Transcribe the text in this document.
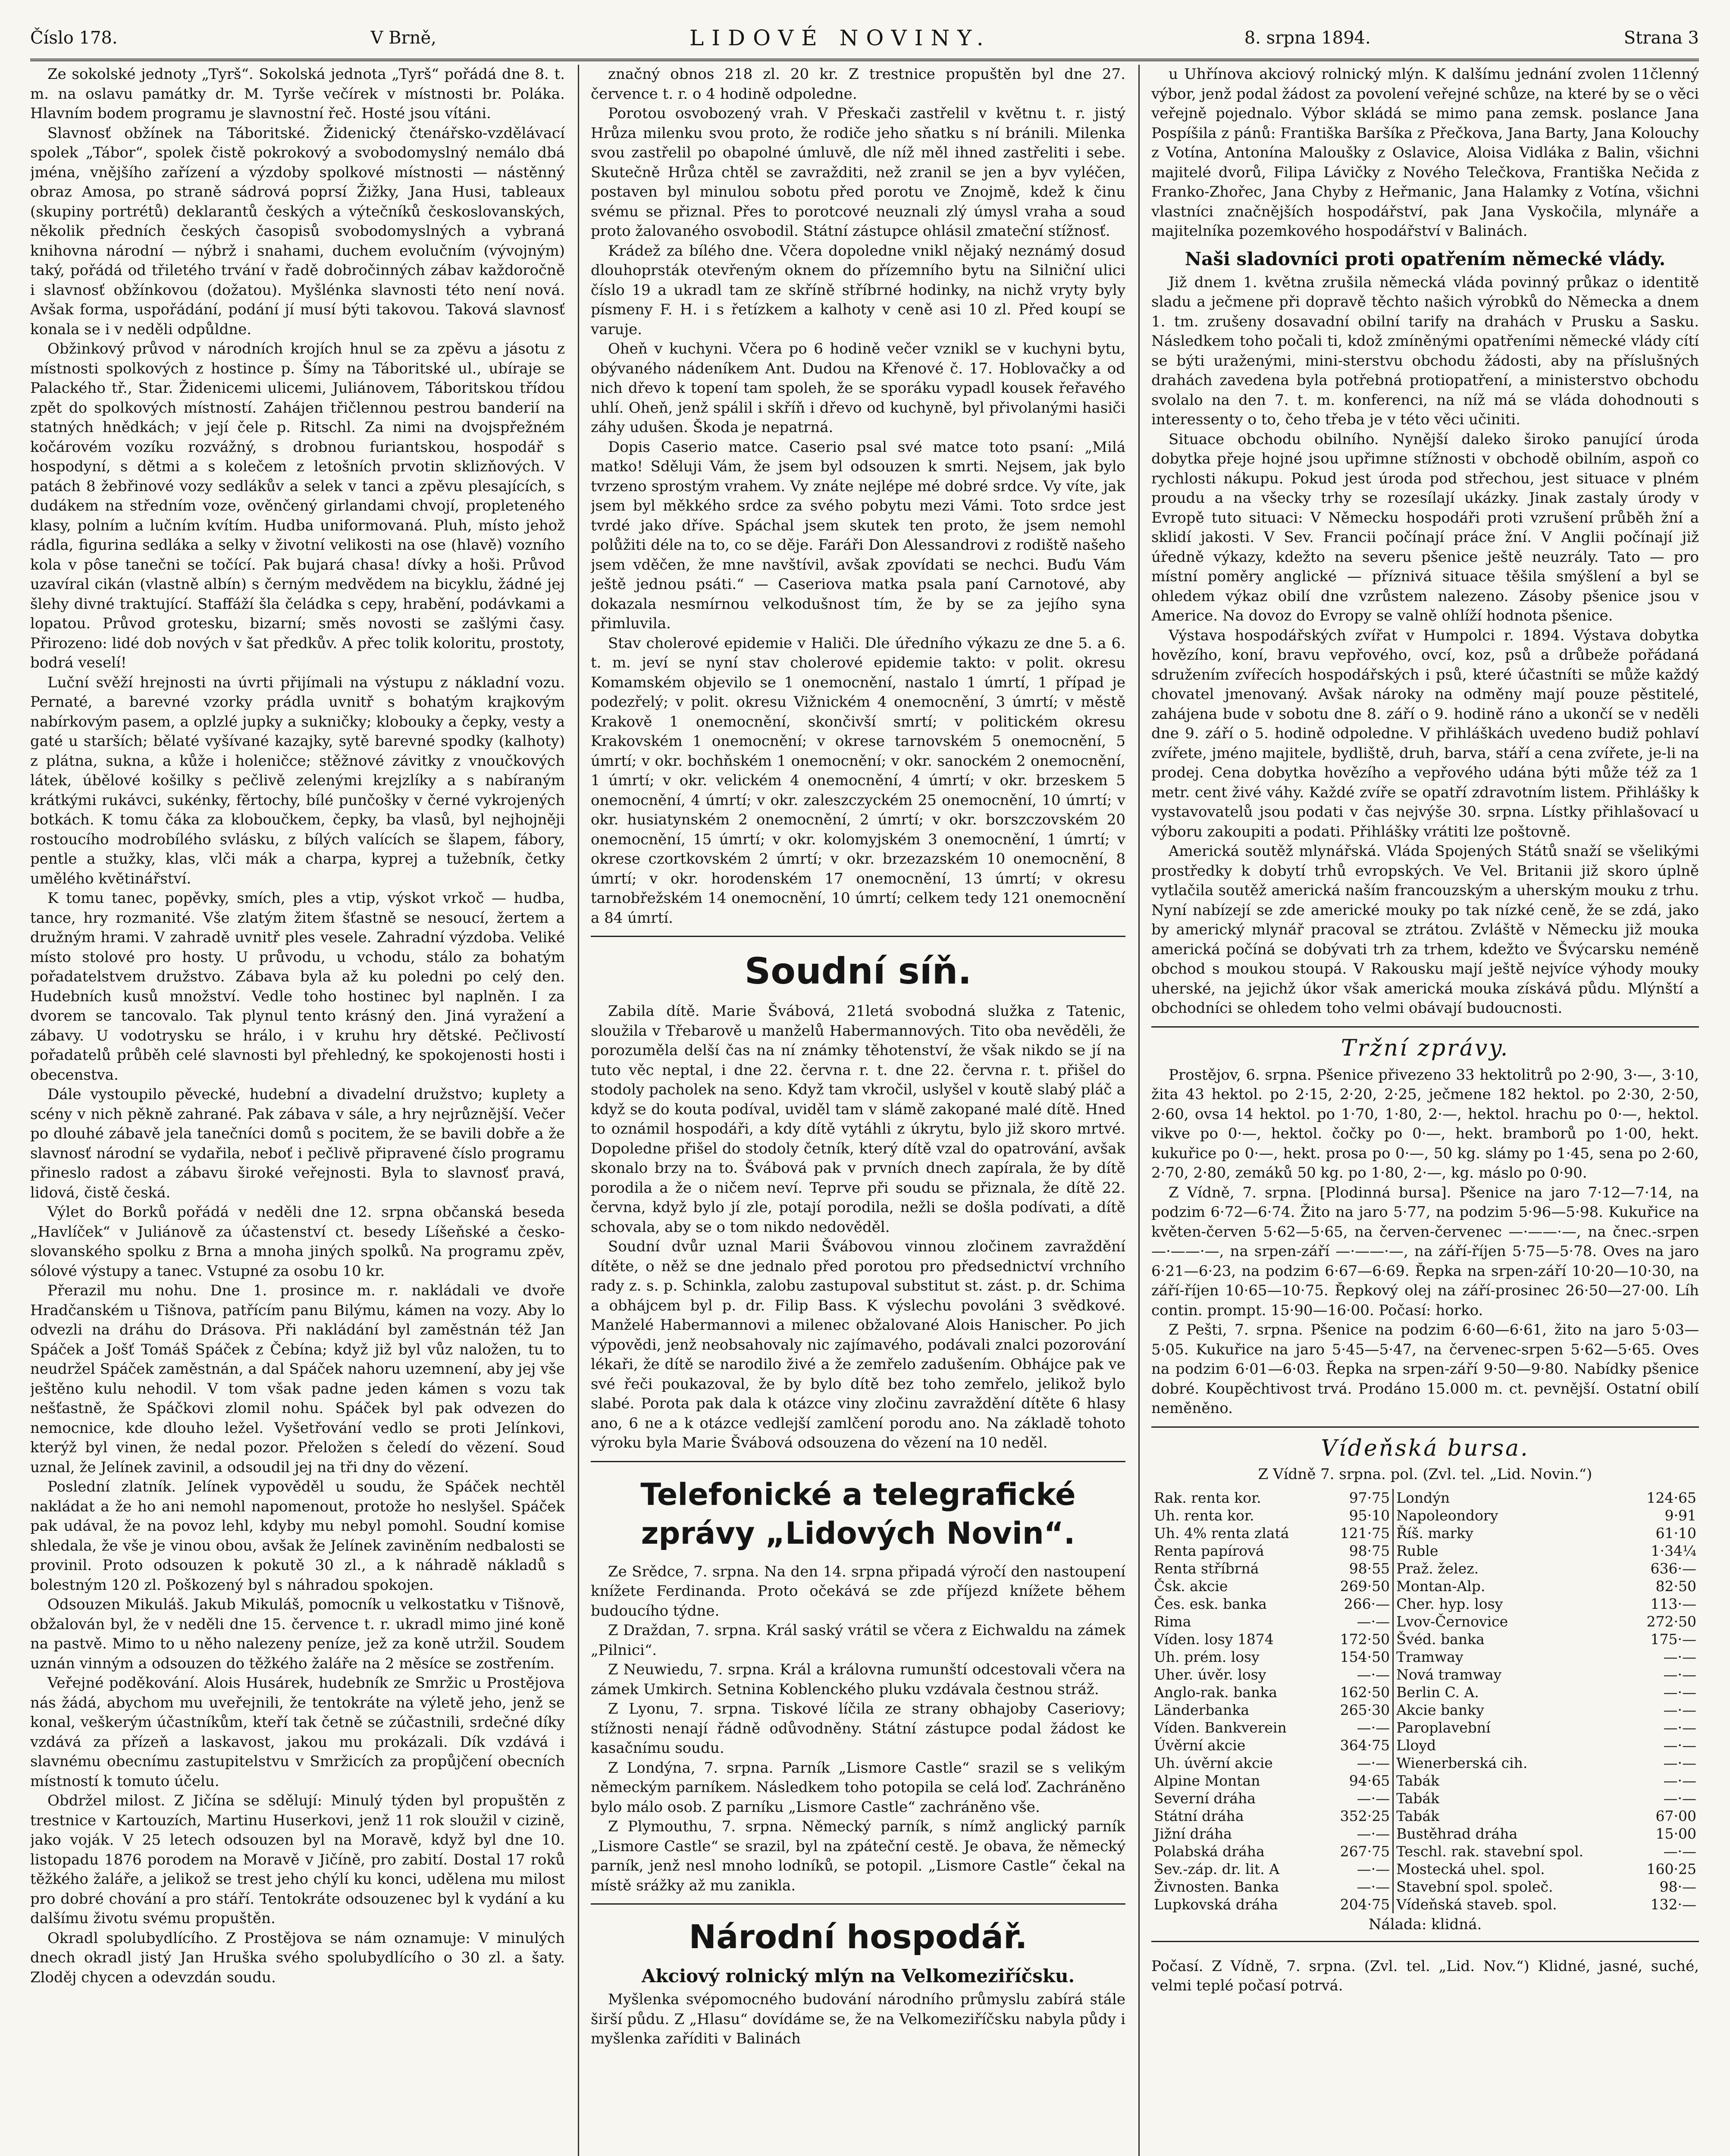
Číslo 178.	V Brně,	LIDOVÉ NOVINY.	8. srpna 1894.	Strana 3

Ze sokolské jednoty „Tyrš“. Sokolská jednota „Tyrš“ pořádá dne 8. t. m. na oslavu památky dr. M. Tyrše večírek v místnosti br. Poláka. Hlavním bodem programu je slavnostní řeč. Hosté jsou vítáni.

Slavnosť obžínek na Táboritské. Židenický čtenářsko-vzdělávací spolek „Tábor“, spolek čistě pokrokový a svobodomyslný nemálo dbá jména, vnějšího zařízení a výzdoby spolkové místnosti — nástěnný obraz Amosa, po straně sádrová poprsí Žižky, Jana Husi, tableaux (skupiny portrétů) deklarantů českých a výtečníků českoslovanských, několik předních českých časopisů svobodomyslných a vybraná knihovna národní — nýbrž i snahami, duchem evolučním (vývojným) taký, pořádá od třiletého trvání v řadě dobročinných zábav každoročně i slavnosť obžínkovou (dožatou). Myšlénka slavnosti této není nová. Avšak forma, uspořádání, podání jí musí býti takovou. Taková slavnosť konala se i v neděli odpůldne.

Obžinkový průvod v národních krojích hnul se za zpěvu a jásotu z místnosti spolkových z hostince p. Šímy na Táboritské ul., ubíraje se Palackého tř., Star. Židenicemi ulicemi, Juliánovem, Táboritskou třídou zpět do spolkových místností. Zahájen třičlennou pestrou banderií na statných hnědkách; v její čele p. Ritschl. Za nimi na dvojspřežném kočárovém vozíku rozvážný, s drobnou furiantskou, hospodář s hospodyní, s dětmi a s kolečem z letošních prvotin sklizňových. V patách 8 žebřinové vozy sedlákův a selek v tanci a zpěvu plesajících, s dudákem na středním voze, ověnčený girlandami chvojí, propleteného klasy, polním a lučním kvítím. Hudba uniformovaná. Pluh, místo jehož rádla, figurina sedláka a selky v životní velikosti na ose (hlavě) vozního kola v pôse tanečni se točící. Pak bujará chasa! dívky a hoši. Průvod uzavíral cikán (vlastně albín) s černým medvědem na bicyklu, žádné jej šlehy divné traktující. Staffáží šla čeládka s cepy, hrabění, podávkami a lopatou. Průvod grotesku, bizarní; směs novosti se zašlými časy. Přirozeno: lidé dob nových v šat předkův. A přec tolik koloritu, prostoty, bodrá veselí!

Luční svěží hrejnosti na úvrti přijímali na výstupu z nákladní vozu. Pernaté, a barevné vzorky prádla uvnitř s bohatým krajkovým nabírkovým pasem, a oplzlé jupky a sukničky; klobouky a čepky, vesty a gaté u starších; bělaté vyšívané kazajky, sytě barevné spodky (kalhoty) z plátna, sukna, a kůže i holeničce; stěžnové závitky z vnoučkových látek, úbělové košilky s pečlivě zelenými krejzlíky a s nabíraným krátkými rukávci, sukénky, fěrtochy, bílé punčošky v černé vykrojených botkách. K tomu čáka za kloboučkem, čepky, ba vlasů, byl nejhojněji rostoucího modrobílého svlásku, z bílých valících se šlapem, fábory, pentle a stužky, klas, vlči mák a charpa, kyprej a tužebník, četky umělého květinářství.

K tomu tanec, popěvky, smích, ples a vtip, výskot vrkoč — hudba, tance, hry rozmanité. Vše zlatým žitem šťastně se nesoucí, žertem a družným hrami. V zahradě uvnitř ples vesele. Zahradní výzdoba. Veliké místo stolové pro hosty. U průvodu, u vchodu, stálo za bohatým pořadatelstvem družstvo. Zábava byla až ku poledni po celý den. Hudebních kusů množství. Vedle toho hostinec byl naplněn. I za dvorem se tancovalo. Tak plynul tento krásný den. Jiná vyražení a zábavy. U vodotrysku se hrálo, i v kruhu hry dětské. Pečlivostí pořadatelů průběh celé slavnosti byl přehledný, ke spokojenosti hosti i obecenstva.

Dále vystoupilo pěvecké, hudební a divadelní družstvo; kuplety a scény v nich pěkně zahrané. Pak zábava v sále, a hry nejrůznější. Večer po dlouhé zábavě jela tanečníci domů s pocitem, že se bavili dobře a že slavnosť národní se vydařila, neboť i pečlivě připravené číslo programu přineslo radost a zábavu široké veřejnosti. Byla to slavnosť pravá, lidová, čistě česká.

Výlet do Borků pořádá v neděli dne 12. srpna občanská beseda „Havlíček“ v Juliánově za účastenství ct. besedy Líšeňské a česko-slovanského spolku z Brna a mnoha jiných spolků. Na programu zpěv, sólové výstupy a tanec. Vstupné za osobu 10 kr.

Přerazil mu nohu. Dne 1. prosince m. r. nakládali ve dvoře Hradčanském u Tišnova, patřícím panu Bilýmu, kámen na vozy. Aby lo odvezli na dráhu do Drásova. Při nakládání byl zaměstnán též Jan Spáček a Jošť Tomáš Spáček z Čebína; když již byl vůz naložen, tu to neudržel Spáček zaměstnán, a dal Spáček nahoru uzemnení, aby jej vše ještěno kulu nehodil. V tom však padne jeden kámen s vozu tak nešťastně, že Spáčkovi zlomil nohu. Spáček byl pak odvezen do nemocnice, kde dlouho ležel. Vyšetřování vedlo se proti Jelínkovi, kterýž byl vinen, že nedal pozor. Přeložen s čeledí do vězení. Soud uznal, že Jelínek zavinil, a odsoudil jej na tři dny do vězení.

Poslední zlatník. Jelínek vypověděl u soudu, že Spáček nechtěl nakládat a že ho ani nemohl napomenout, protože ho neslyšel. Spáček pak udával, že na povoz lehl, kdyby mu nebyl pomohl. Soudní komise shledala, že vše je vinou obou, avšak že Jelínek zaviněním nedbalosti se provinil. Proto odsouzen k pokutě 30 zl., a k náhradě nákladů s bolestným 120 zl. Poškozený byl s náhradou spokojen.

Odsouzen Mikuláš. Jakub Mikuláš, pomocník u velkostatku v Tišnově, obžalován byl, že v neděli dne 15. července t. r. ukradl mimo jiné koně na pastvě. Mimo to u něho nalezeny peníze, jež za koně utržil. Soudem uznán vinným a odsouzen do těžkého žaláře na 2 měsíce se zostřením.

Veřejné poděkování. Alois Husárek, hudebník ze Smržic u Prostějova nás žádá, abychom mu uveřejnili, že tentokráte na výletě jeho, jenž se konal, veškerým účastníkům, kteří tak četně se zúčastnili, srdečné díky vzdává za přízeň a laskavost, jakou mu prokázali. Dík vzdává i slavnému obecnímu zastupitelstvu v Smržicích za propůjčení obecních místností k tomuto účelu.

Obdržel milost. Z Jičína se sdělují: Minulý týden byl propuštěn z trestnice v Kartouzích, Martinu Huserkovi, jenž 11 rok sloužil v cizině, jako voják. V 25 letech odsouzen byl na Moravě, když byl dne 10. listopadu 1876 porodem na Moravě v Jičíně, pro zabití. Dostal 17 roků těžkého žaláře, a jelikož se trest jeho chýlí ku konci, udělena mu milost pro dobré chování a pro stáří. Tentokráte odsouzenec byl k vydání a ku dalšímu životu svému propuštěn.

Okradl spolubydlícího. Z Prostějova se nám oznamuje: V minulých dnech okradl jistý Jan Hruška svého spolubydlícího o 30 zl. a šaty. Zloděj chycen a odevzdán soudu.

značný obnos 218 zl. 20 kr. Z trestnice propuštěn byl dne 27. července t. r. o 4 hodině odpoledne.

Porotou osvobozený vrah. V Přeskači zastřelil v květnu t. r. jistý Hrůza milenku svou proto, že rodiče jeho sňatku s ní bránili. Milenka svou zastřelil po obapolné úmluvě, dle níž měl ihned zastřeliti i sebe. Skutečně Hrůza chtěl se zavražditi, než zranil se jen a byv vyléčen, postaven byl minulou sobotu před porotu ve Znojmě, kdež k činu svému se přiznal. Přes to porotcové neuznali zlý úmysl vraha a soud proto žalovaného osvobodil. Státní zástupce ohlásil zmateční stížnosť.

Krádež za bílého dne. Včera dopoledne vnikl nějaký neznámý dosud dlouhoprsták otevřeným oknem do přízemního bytu na Silniční ulici číslo 19 a ukradl tam ze skříně stříbrné hodinky, na nichž vryty byly písmeny F. H. i s řetízkem a kalhoty v ceně asi 10 zl. Před koupí se varuje.

Oheň v kuchyni. Včera po 6 hodině večer vznikl se v kuchyni bytu, obývaného nádeníkem Ant. Dudou na Křenové č. 17. Hoblovačky a od nich dřevo k topení tam spoleh, že se sporáku vypadl kousek řeřavého uhlí. Oheň, jenž spálil i skříň i dřevo od kuchyně, byl přivolanými hasiči záhy udušen. Škoda je nepatrná.

Dopis Caserio matce. Caserio psal své matce toto psaní: „Milá matko! Sděluji Vám, že jsem byl odsouzen k smrti. Nejsem, jak bylo tvrzeno sprostým vrahem. Vy znáte nejlépe mé dobré srdce. Vy víte, jak jsem byl měkkého srdce za svého pobytu mezi Vámi. Toto srdce jest tvrdé jako dříve. Spáchal jsem skutek ten proto, že jsem nemohl polůžiti déle na to, co se děje. Faráři Don Alessandrovi z rodiště našeho jsem vděčen, že mne navštívil, avšak zpovídati se nechci. Buďu Vám ještě jednou psáti.“ — Caseriova matka psala paní Carnotové, aby dokazala nesmírnou velkodušnost tím, že by se za jejího syna přimluvila.

Stav cholerové epidemie v Haliči. Dle úředního výkazu ze dne 5. a 6. t. m. jeví se nyní stav cholerové epidemie takto: v polit. okresu Komamském objevilo se 1 onemocnění, nastalo 1 úmrtí, 1 případ je podezřelý; v polit. okresu Vižnickém 4 onemocnění, 3 úmrtí; v městě Krakově 1 onemocnění, skončivší smrtí; v politickém okresu Krakovském 1 onemocnění; v okrese tarnovském 5 onemocnění, 5 úmrtí; v okr. bochňském 1 onemocnění; v okr. sanockém 2 onemocnění, 1 úmrtí; v okr. velickém 4 onemocnění, 4 úmrtí; v okr. brzeskem 5 onemocnění, 4 úmrtí; v okr. zaleszczyckém 25 onemocnění, 10 úmrtí; v okr. husiatynském 2 onemocnění, 2 úmrtí; v okr. borszczovském 20 onemocnění, 15 úmrtí; v okr. kolomyjském 3 onemocnění, 1 úmrtí; v okrese czortkovském 2 úmrtí; v okr. brzezazském 10 onemocnění, 8 úmrtí; v okr. horodenském 17 onemocnění, 13 úmrtí; v okresu tarnobřežském 14 onemocnění, 10 úmrtí; celkem tedy 121 onemocnění a 84 úmrtí.

Soudní síň.

Zabila dítě. Marie Švábová, 21letá svobodná služka z Tatenic, sloužila v Třebarově u manželů Habermannových. Tito oba nevěděli, že porozuměla delší čas na ní známky těhotenství, že však nikdo se jí na tuto věc neptal, i dne 22. června r. t. dne 22. června r. t. přišel do stodoly pacholek na seno. Když tam vkročil, uslyšel v koutě slabý pláč a když se do kouta podíval, uviděl tam v slámě zakopané malé dítě. Hned to oznámil hospodáři, a kdy dítě vytáhli z úkrytu, bylo již skoro mrtvé. Dopoledne přišel do stodoly četník, který dítě vzal do opatrování, avšak skonalo brzy na to. Švábová pak v prvních dnech zapírala, že by dítě porodila a že o ničem neví. Teprve při soudu se přiznala, že dítě 22. června, když bylo jí zle, potají porodila, nežli se došla podívati, a dítě schovala, aby se o tom nikdo nedověděl.

Soudní dvůr uznal Marii Švábovou vinnou zločinem zavraždění dítěte, o něž se dne jednalo před porotou pro předsednictví vrchního rady z. s. p. Schinkla, zalobu zastupoval substitut st. zást. p. dr. Schima a obhájcem byl p. dr. Filip Bass. K výslechu povoláni 3 svědkové. Manželé Habermannovi a milenec obžalované Alois Hanischer. Po jich výpovědi, jenž neobsahovaly nic zajímavého, podávali znalci pozorování lékaři, že dítě se narodilo živé a že zemřelo zadušením. Obhájce pak ve své řeči poukazoval, že by bylo dítě bez toho zemřelo, jelikož bylo slabé. Porota pak dala k otázce viny zločinu zavraždění dítěte 6 hlasy ano, 6 ne a k otázce vedlejší zamlčení porodu ano. Na základě tohoto výroku byla Marie Švábová odsouzena do vězení na 10 neděl.

Telefonické a telegrafické zprávy „Lidových Novin“.

Ze Srědce, 7. srpna. Na den 14. srpna připadá výročí den nastoupení knížete Ferdinanda. Proto očekává se zde příjezd knížete během budoucího týdne.

Z Draždan, 7. srpna. Král saský vrátil se včera z Eichwaldu na zámek „Pilnici“.

Z Neuwiedu, 7. srpna. Král a královna rumunští odcestovali včera na zámek Umkirch. Setnina Koblenckého pluku vzdávala čestnou stráž.

Z Lyonu, 7. srpna. Tiskové líčila ze strany obhajoby Caseriovy; stížnosti nenají řádně odůvodněny. Státní zástupce podal žádost ke kasačnímu soudu.

Z Londýna, 7. srpna. Parník „Lismore Castle“ srazil se s velikým německým parníkem. Následkem toho potopila se celá loď. Zachráněno bylo málo osob. Z parníku „Lismore Castle“ zachráněno vše.

Z Plymouthu, 7. srpna. Německý parník, s nímž anglický parník „Lismore Castle“ se srazil, byl na zpáteční cestě. Je obava, že německý parník, jenž nesl mnoho lodníků, se potopil. „Lismore Castle“ čekal na místě srážky až mu zanikla.

Národní hospodář.
Akciový rolnický mlýn na Velkomeziříčsku.

Myšlenka svépomocného budování národního průmyslu zabírá stále širší půdu. Z „Hlasu“ dovídáme se, že na Velkomeziříčsku nabyla půdy i myšlenka zaříditi v Balinách

u Uhřínova akciový rolnický mlýn. K dalšímu jednání zvolen 11členný výbor, jenž podal žádost za povolení veřejné schůze, na které by se o věci veřejně pojednalo. Výbor skládá se mimo pana zemsk. poslance Jana Pospíšila z pánů: Františka Baršíka z Přečkova, Jana Barty, Jana Kolouchy z Votína, Antonína Maloušky z Oslavice, Aloisa Vidláka z Balin, všichni majitelé dvorů, Filipa Lávičky z Nového Telečkova, Františka Nečida z Franko-Zhořec, Jana Chyby z Heřmanic, Jana Halamky z Votína, všichni vlastníci značnějších hospodářství, pak Jana Vyskočila, mlynáře a majitelníka pozemkového hospodářství v Balinách.

Naši sladovníci proti opatřením německé vlády.

Již dnem 1. května zrušila německá vláda povinný průkaz o identitě sladu a ječmene při dopravě těchto našich výrobků do Německa a dnem 1. tm. zrušeny dosavadní obilní tarify na drahách v Prusku a Sasku. Následkem toho počali ti, kdož zmíněnými opatřeními německé vlády cítí se býti uraženými, mini-sterstvu obchodu žádosti, aby na příslušných drahách zavedena byla potřebná protiopatření, a ministerstvo obchodu svolalo na den 7. t. m. konferenci, na níž má se vláda dohodnouti s interessenty o to, čeho třeba je v této věci učiniti.

Situace obchodu obilního. Nynější daleko široko panující úroda dobytka přeje hojné jsou upřimne stížnosti v obchodě obilním, aspoň co rychlosti nákupu. Pokud jest úroda pod střechou, jest situace v plném proudu a na všecky trhy se rozesílají ukázky. Jinak zastaly úrody v Evropě tuto situaci: V Německu hospodáři proti vzrušení průběh žní a sklidí jakosti. V Sev. Francii počínají práce žní. V Anglii počínají již úředně výkazy, kdežto na severu pšenice ještě neuzrály. Tato — pro místní poměry anglické — příznivá situace těšila smýšlení a byl se ohledem výkaz obilí dne vzrůstem nalezeno. Zásoby pšenice jsou v Americe. Na dovoz do Evropy se valně ohlíží hodnota pšenice.

Výstava hospodářských zvířat v Humpolci r. 1894. Výstava dobytka hovězího, koní, bravu vepřového, ovcí, koz, psů a drůbeže pořádaná sdružením zvířecích hospodářských i psů, které účastníti se může každý chovatel jmenovaný. Avšak nároky na odměny mají pouze pěstitelé, zahájena bude v sobotu dne 8. září o 9. hodině ráno a ukončí se v neděli dne 9. září o 5. hodině odpoledne. V přihláškách uvedeno budiž pohlaví zvířete, jméno majitele, bydliště, druh, barva, stáří a cena zvířete, je-li na prodej. Cena dobytka hovězího a vepřového udána býti může též za 1 metr. cent živé váhy. Každé zvíře se opatří zdravotním listem. Přihlášky k vystavovatelů jsou podati v čas nejvýše 30. srpna. Lístky přihlašovací u výboru zakoupiti a podati. Přihlášky vrátiti lze poštovně.

Americká soutěž mlynářská. Vláda Spojených Států snaží se všelikými prostředky k dobytí trhů evropských. Ve Vel. Britanii již skoro úplně vytlačila soutěž americká naším francouzským a uherským mouku z trhu. Nyní nabízejí se zde americké mouky po tak nízké ceně, že se zdá, jako by americký mlynář pracoval se ztrátou. Zvláště v Německu již mouka americká počíná se dobývati trh za trhem, kdežto ve Švýcarsku neméně obchod s moukou stoupá. V Rakousku mají ještě nejvíce výhody mouky uherské, na jejichž úkor však americká mouka získává půdu. Mlýnští a obchodníci se ohledem toho velmi obávají budoucnosti.

Tržní zprávy.

Prostějov, 6. srpna. Pšenice přivezeno 33 hektolitrů po 2·90, 3·—, 3·10, žita 43 hektol. po 2·15, 2·20, 2·25, ječmene 182 hektol. po 2·30, 2·50, 2·60, ovsa 14 hektol. po 1·70, 1·80, 2·—, hektol. hrachu po 0·—, hektol. vikve po 0·—, hektol. čočky po 0·—, hekt. bramborů po 1·00, hekt. kukuřice po 0·—, hekt. prosa po 0·—, 50 kg. slámy po 1·45, sena po 2·60, 2·70, 2·80, zemáků 50 kg. po 1·80, 2·—, kg. máslo po 0·90.

Z Vídně, 7. srpna. [Plodinná bursa]. Pšenice na jaro 7·12—7·14, na podzim 6·72—6·74. Žito na jaro 5·77, na podzim 5·96—5·98. Kukuřice na květen-červen 5·62—5·65, na červen-červenec —·——·—, na čnec.-srpen —·——·—, na srpen-září —·——·—, na září-říjen 5·75—5·78. Oves na jaro 6·21—6·23, na podzim 6·67—6·69. Řepka na srpen-září 10·20—10·30, na září-říjen 10·65—10·75. Řepkový olej na září-prosinec 26·50—27·00. Líh contin. prompt. 15·90—16·00. Počasí: horko.

Z Pešti, 7. srpna. Pšenice na podzim 6·60—6·61, žito na jaro 5·03—5·05. Kukuřice na jaro 5·45—5·47, na červenec-srpen 5·62—5·65. Oves na podzim 6·01—6·03. Řepka na srpen-září 9·50—9·80. Nabídky pšenice dobré. Koupěchtivost trvá. Prodáno 15.000 m. ct. pevnější. Ostatní obilí neměněno.

Vídeňská bursa.
Z Vídně 7. srpna. pol. (Zvl. tel. „Lid. Novin.“)
Rak. renta kor.	97·75	Londýn	124·65
Uh. renta kor.	95·10	Napoleondory	9·91
Uh. 4% renta zlatá	121·75	Říš. marky	61·10
Renta papírová	98·75	Ruble	1·34¼
Renta stříbrná	98·55	Praž. želez.	636·—
Čsk. akcie	269·50	Montan-Alp.	82·50
Čes. esk. banka	266·—	Cher. hyp. losy	113·—
Rima	—·—	Lvov-Černovice	272·50
Víden. losy 1874	172·50	Švéd. banka	175·—
Uh. prém. losy	154·50	Tramway	—·—
Uher. úvěr. losy	—·—	Nová tramway	—·—
Anglo-rak. banka	162·50	Berlin C. A.	—·—
Länderbanka	265·30	Akcie banky	—·—
Víden. Bankverein	—·—	Paroplavební	—·—
Úvěrní akcie	364·75	Lloyd	—·—
Uh. úvěrní akcie	—·—	Wienerberská cih.	—·—
Alpine Montan	94·65	Tabák	—·—
Severní dráha	—·—	Tabák	—·—
Státní dráha	352·25	Tabák	67·00
Jižní dráha	—·—	Bustěhrad dráha	15·00
Polabská dráha	267·75	Teschl. rak. stavební spol.	—·—
Sev.-záp. dr. lit. A	—·—	Mostecká uhel. spol.	160·25
Živnosten. Banka	—·—	Stavební spol. společ.	98·—
Lupkovská dráha	204·75	Vídeňská staveb. spol.	132·—
Nálada: klidná.

Počasí. Z Vídně, 7. srpna. (Zvl. tel. „Lid. Nov.“) Klidné, jasné, suché, velmi teplé počasí potrvá.
